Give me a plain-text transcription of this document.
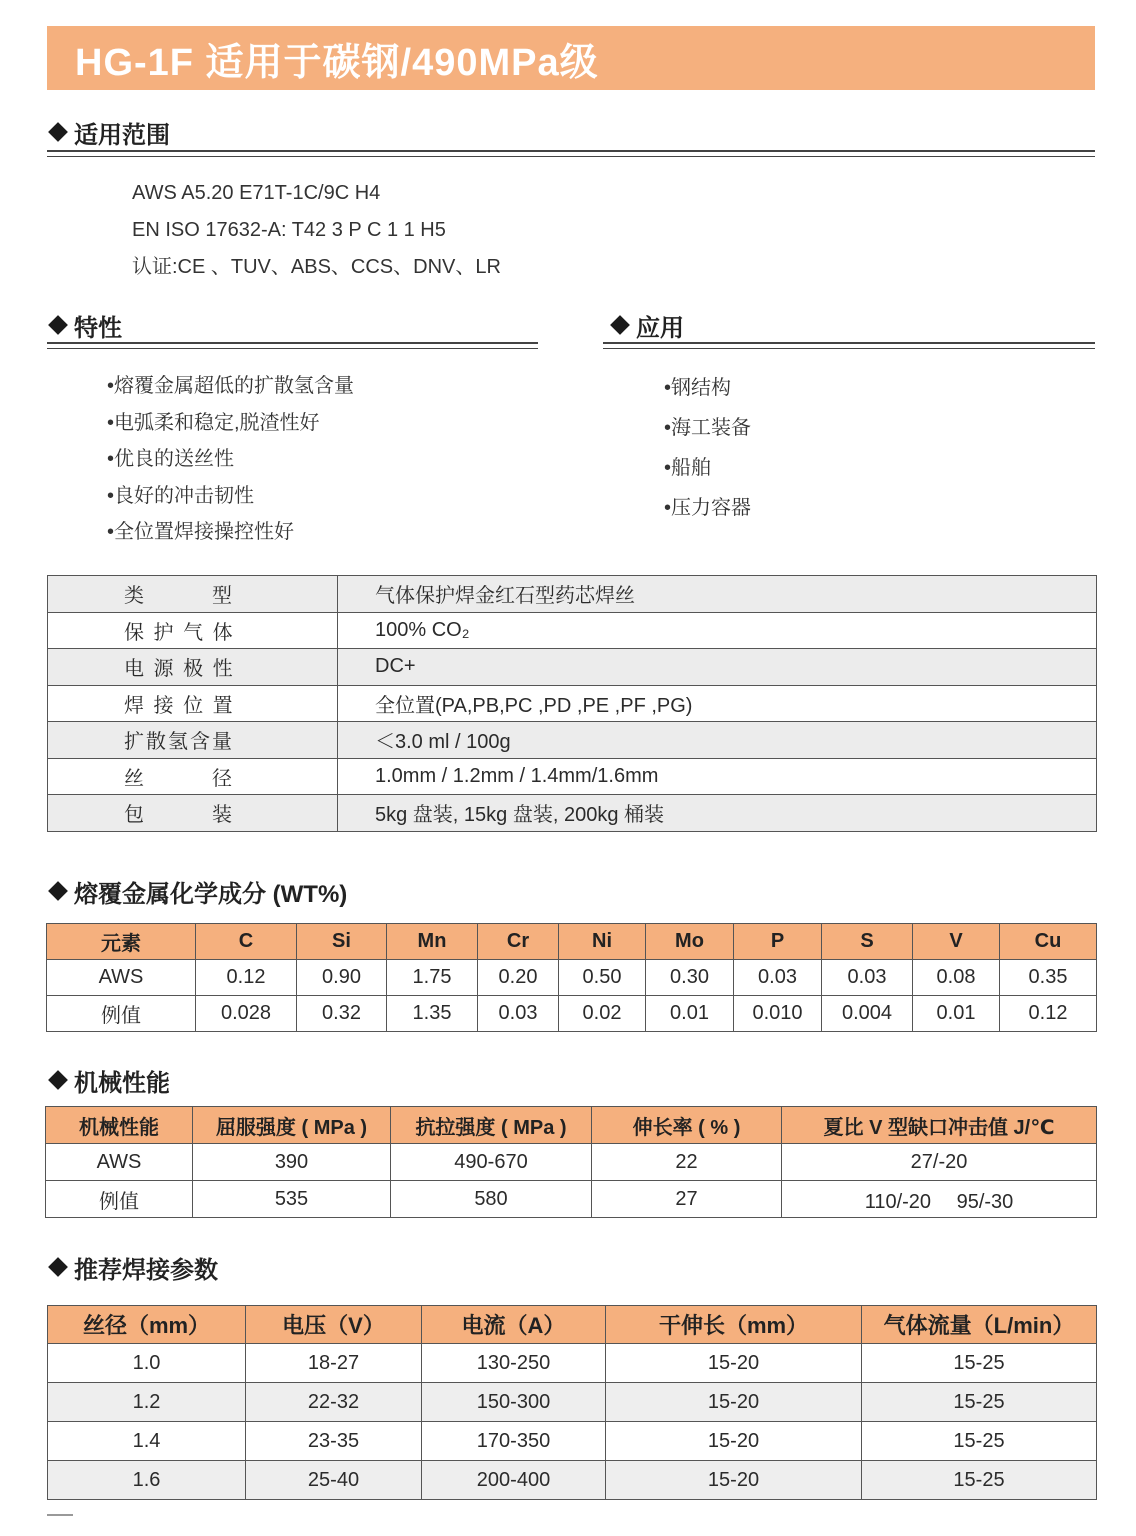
HG-1F 适用于碳钢/490MPa级
适用范围
AWS A5.20 E71T-1C/9C H4
EN ISO 17632-A: T42 3 P C 1 1 H5
认证:CE 、TUV、ABS、CCS、DNV、LR
特性
•熔覆金属超低的扩散氢含量
•电弧柔和稳定,脱渣性好
•优良的送丝性
•良好的冲击韧性
•全位置焊接操控性好
应用
•钢结构
•海工装备
•船舶
•压力容器
类　　　型	气体保护焊金红石型药芯焊丝
保 护 气 体	100% CO₂
电 源 极 性	DC+
焊 接 位 置	全位置(PA,PB,PC ,PD ,PE ,PF ,PG)
扩散氢含量	＜3.0 ml / 100g
丝　　　径	1.0mm / 1.2mm / 1.4mm/1.6mm
包　　　装	5kg 盘装, 15kg 盘装, 200kg 桶装
熔覆金属化学成分 (WT%)
元素	C	Si	Mn	Cr	Ni	Mo	P	S	V	Cu
AWS	0.12	0.90	1.75	0.20	0.50	0.30	0.03	0.03	0.08	0.35
例值	0.028	0.32	1.35	0.03	0.02	0.01	0.010	0.004	0.01	0.12
机械性能
机械性能	屈服强度 ( MPa )	抗拉强度 ( MPa )	伸长率 ( % )	夏比 V 型缺口冲击值 J/℃
AWS	390	490-670	22	27/-20
例值	535	580	27	110/-20　 95/-30
推荐焊接参数
丝径（mm）	电压（V）	电流（A）	干伸长（mm）	气体流量（L/min）
1.0	18-27	130-250	15-20	15-25
1.2	22-32	150-300	15-20	15-25
1.4	23-35	170-350	15-20	15-25
1.6	25-40	200-400	15-20	15-25
